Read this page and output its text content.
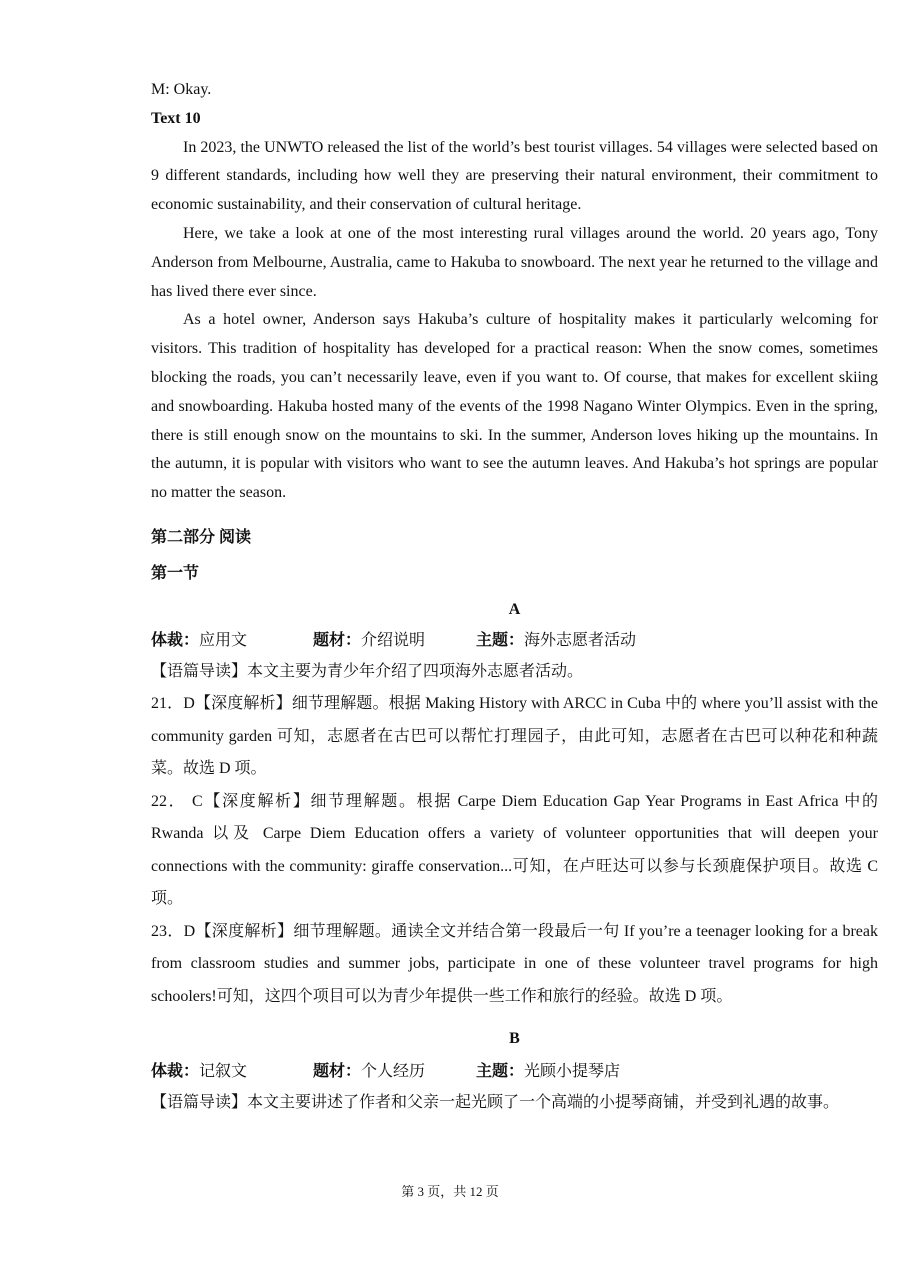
M: Okay.

Text 10

In 2023, the UNWTO released the list of the world’s best tourist villages. 54 villages were selected based on 9 different standards, including how well they are preserving their natural environment, their commitment to economic sustainability, and their conservation of cultural heritage.

Here, we take a look at one of the most interesting rural villages around the world. 20 years ago, Tony Anderson from Melbourne, Australia, came to Hakuba to snowboard. The next year he returned to the village and has lived there ever since.

As a hotel owner, Anderson says Hakuba’s culture of hospitality makes it particularly welcoming for visitors. This tradition of hospitality has developed for a practical reason: When the snow comes, sometimes blocking the roads, you can’t necessarily leave, even if you want to. Of course, that makes for excellent skiing and snowboarding. Hakuba hosted many of the events of the 1998 Nagano Winter Olympics. Even in the spring, there is still enough snow on the mountains to ski. In the summer, Anderson loves hiking up the mountains. In the autumn, it is popular with visitors who want to see the autumn leaves. And Hakuba’s hot springs are popular no matter the season.

第二部分 阅读

第一节

A

体裁：应用文	题材：介绍说明	主题：海外志愿者活动

【语篇导读】本文主要为青少年介绍了四项海外志愿者活动。

21．D【深度解析】细节理解题。根据 Making History with ARCC in Cuba 中的 where you’ll assist with the community garden 可知，志愿者在古巴可以帮忙打理园子，由此可知，志愿者在古巴可以种花和种蔬菜。故选 D 项。

22． C【深度解析】细节理解题。根据 Carpe Diem Education Gap Year Programs in East Africa 中的 Rwanda 以及 Carpe Diem Education offers a variety of volunteer opportunities that will deepen your connections with the community: giraffe conservation...可知，在卢旺达可以参与长颈鹿保护项目。故选 C 项。

23．D【深度解析】细节理解题。通读全文并结合第一段最后一句 If you’re a teenager looking for a break from classroom studies and summer jobs, participate in one of these volunteer travel programs for high schoolers!可知，这四个项目可以为青少年提供一些工作和旅行的经验。故选 D 项。

B

体裁：记叙文	题材：个人经历	主题：光顾小提琴店

【语篇导读】本文主要讲述了作者和父亲一起光顾了一个高端的小提琴商铺，并受到礼遇的故事。

第 3 页，共 12 页
